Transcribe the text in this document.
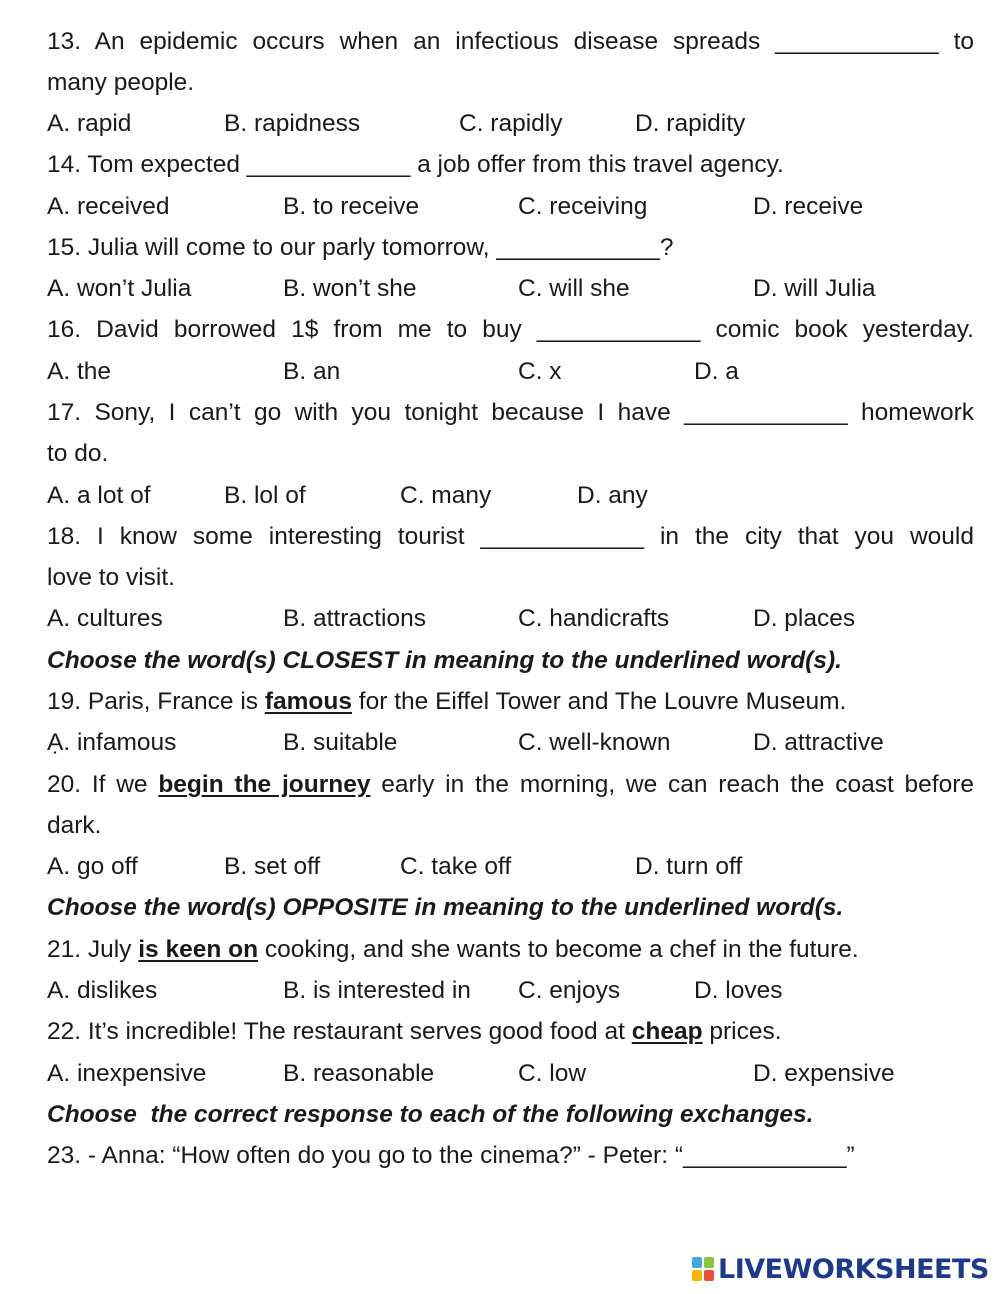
13. An epidemic occurs when an infectious disease spreads ____________ to
many people.
A. rapid	B. rapidness	C. rapidly	D. rapidity
14. Tom expected ____________ a job offer from this travel agency.
A. received	B. to receive	C. receiving	D. receive
15. Julia will come to our parly tomorrow, ____________?
A. won’t Julia	B. won’t she	C. will she	D. will Julia
16. David borrowed 1$ from me to buy ____________ comic book yesterday.
A. the	B. an	C. x	D. a
17. Sony, I can’t go with you tonight because I have ____________ homework
to do.
A. a lot of	B. lol of	C. many	D. any
18. I know some interesting tourist ____________ in the city that you would
love to visit.
A. cultures	B. attractions	C. handicrafts	D. places
Choose the word(s) CLOSEST in meaning to the underlined word(s).
19. Paris, France is famous for the Eiffel Tower and The Louvre Museum.
Ạ. infamous	B. suitable	C. well-known	D. attractive
20. If we begin the journey early in the morning, we can reach the coast before
dark.
A. go off	B. set off	C. take off	D. turn off
Choose the word(s) OPPOSITE in meaning to the underlined word(s.
21. July is keen on cooking, and she wants to become a chef in the future.
A. dislikes	B. is interested in C. enjoys	D. loves
22. It’s incredible! The restaurant serves good food at cheap prices.
A. inexpensive	B. reasonable	C. low	D. expensive
Choose  the correct response to each of the following exchanges.
23. - Anna: “How often do you go to the cinema?” - Peter: “____________”
LIVEWORKSHEETS
